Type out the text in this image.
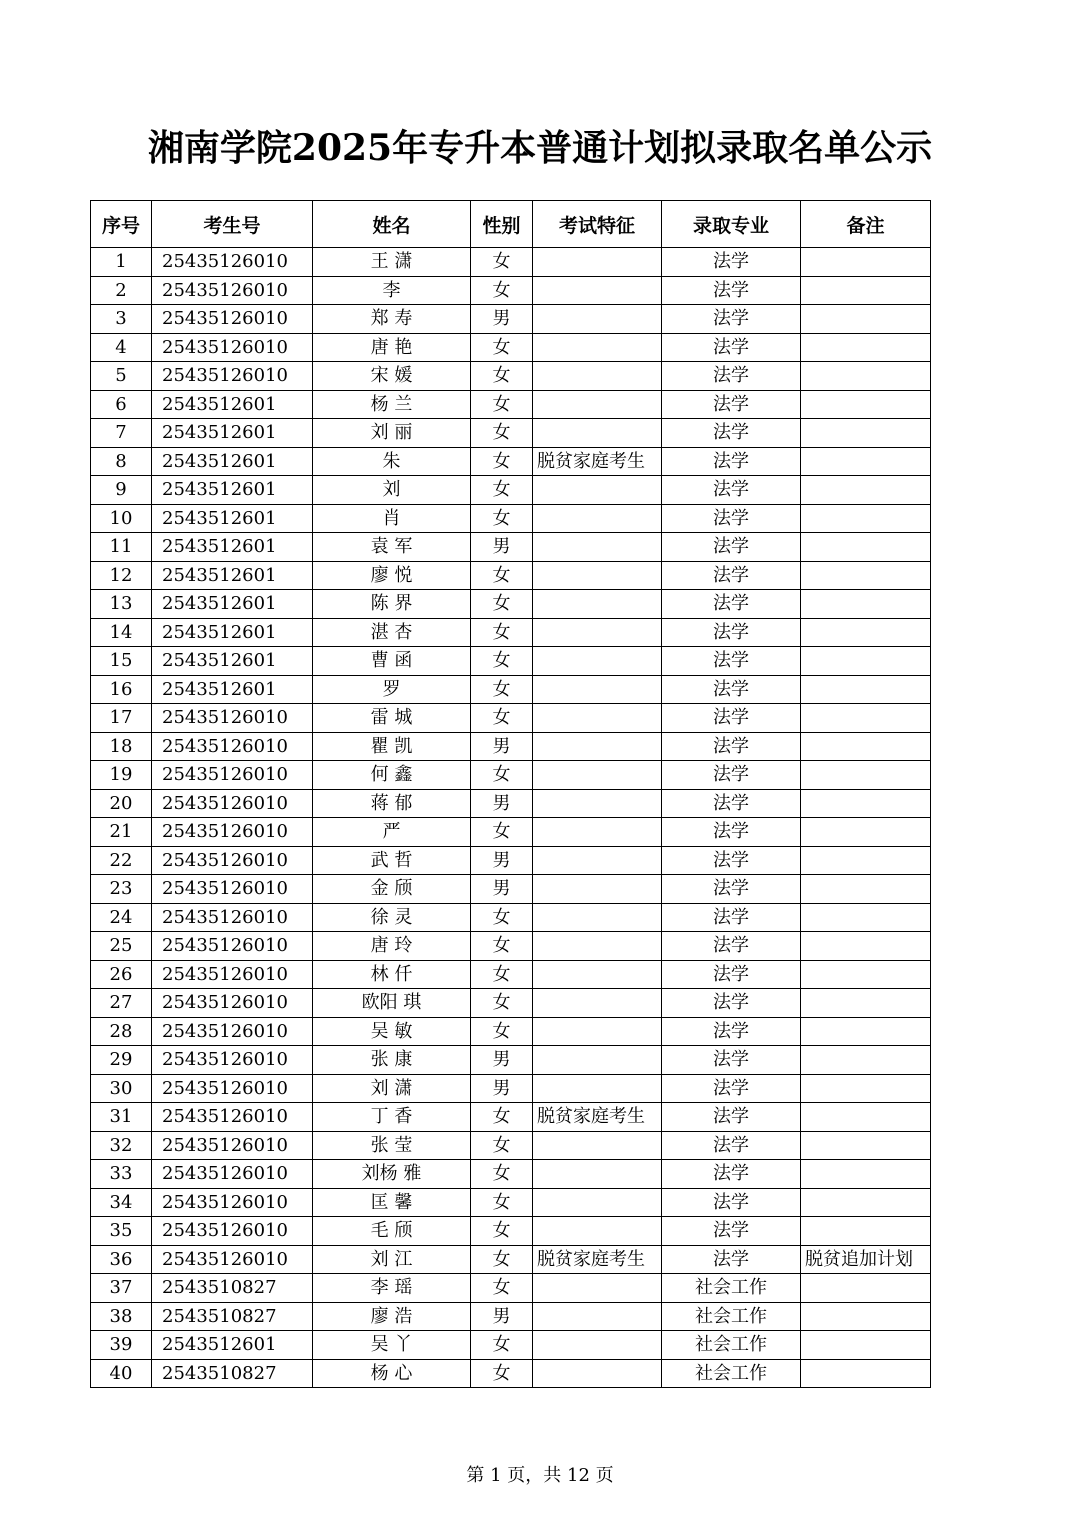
湘南学院2025年专升本普通计划拟录取名单公示
序号	考生号	姓名	性别	考试特征	录取专业	备注
1	25435126010	王 潇	女		法学	
2	25435126010	李	女		法学	
3	25435126010	郑 寿	男		法学	
4	25435126010	唐 艳	女		法学	
5	25435126010	宋 媛	女		法学	
6	2543512601	杨 兰	女		法学	
7	2543512601	刘 丽	女		法学	
8	2543512601	朱	女	脱贫家庭考生	法学	
9	2543512601	刘	女		法学	
10	2543512601	肖	女		法学	
11	2543512601	袁 军	男		法学	
12	2543512601	廖 悦	女		法学	
13	2543512601	陈 界	女		法学	
14	2543512601	湛 杏	女		法学	
15	2543512601	曹 函	女		法学	
16	2543512601	罗	女		法学	
17	25435126010	雷 城	女		法学	
18	25435126010	瞿 凯	男		法学	
19	25435126010	何 鑫	女		法学	
20	25435126010	蒋 郁	男		法学	
21	25435126010	严	女		法学	
22	25435126010	武 哲	男		法学	
23	25435126010	金 颀	男		法学	
24	25435126010	徐 灵	女		法学	
25	25435126010	唐 玲	女		法学	
26	25435126010	林 仟	女		法学	
27	25435126010	欧阳 琪	女		法学	
28	25435126010	吴 敏	女		法学	
29	25435126010	张 康	男		法学	
30	25435126010	刘 潇	男		法学	
31	25435126010	丁 香	女	脱贫家庭考生	法学	
32	25435126010	张 莹	女		法学	
33	25435126010	刘杨 雅	女		法学	
34	25435126010	匡 馨	女		法学	
35	25435126010	毛 颀	女		法学	
36	25435126010	刘 江	女	脱贫家庭考生	法学	脱贫追加计划
37	2543510827	李 瑶	女		社会工作	
38	2543510827	廖 浩	男		社会工作	
39	2543512601	吴 丫	女		社会工作	
40	2543510827	杨 心	女		社会工作	
第 1 页，共 12 页
